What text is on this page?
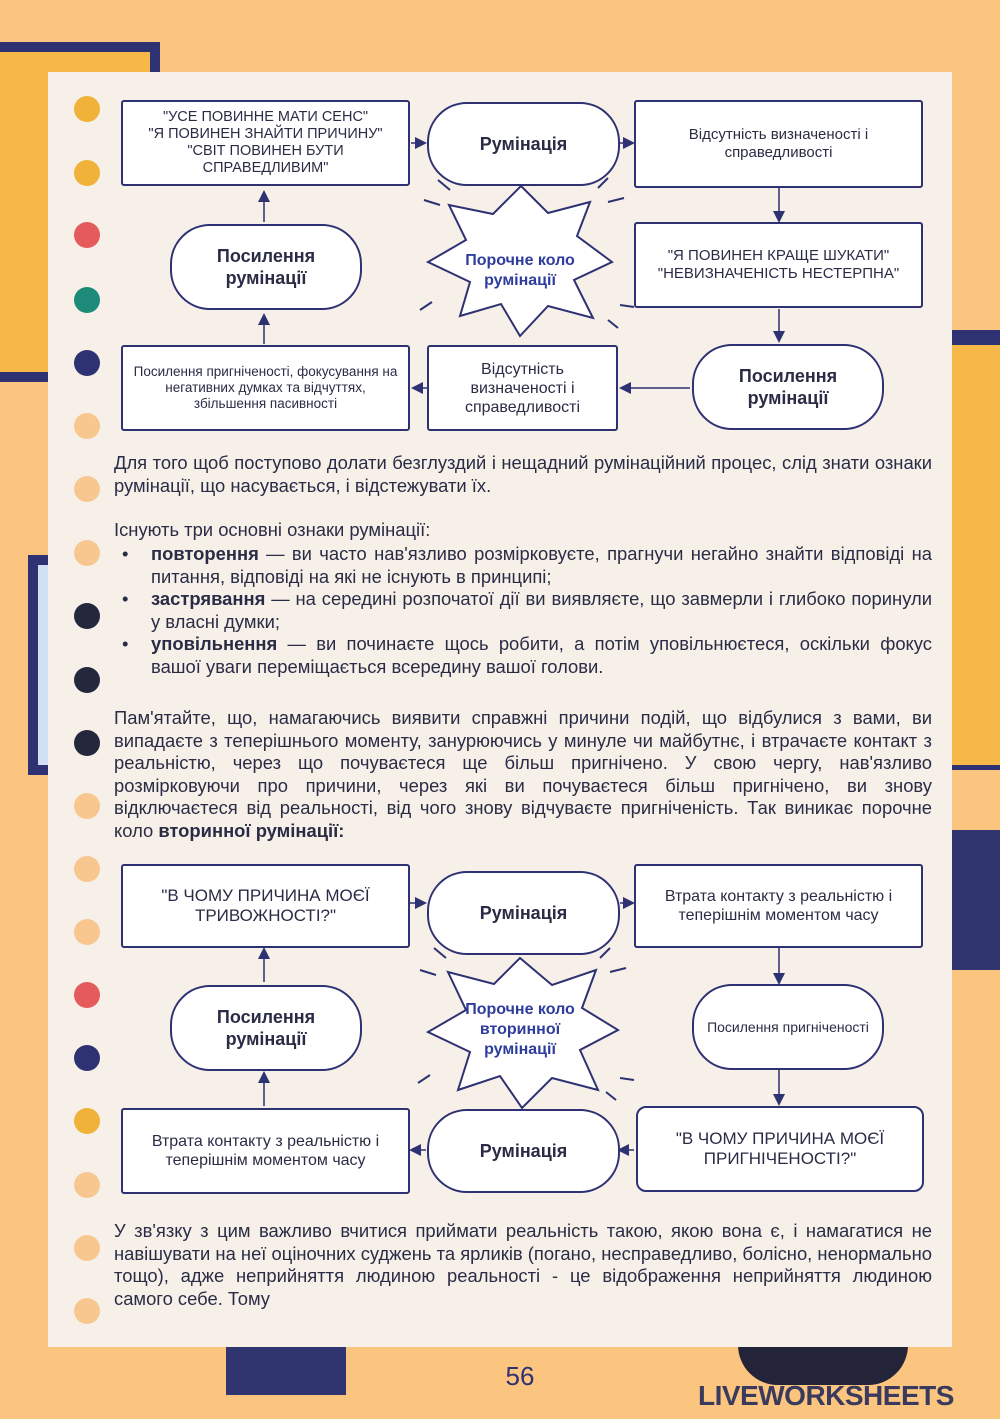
"УСЕ ПОВИННЕ МАТИ СЕНС"
"Я ПОВИНЕН ЗНАЙТИ ПРИЧИНУ"
"СВІТ ПОВИНЕН БУТИ СПРАВЕДЛИВИМ"
Румінація	Відсутність визначеності і справедливості
Посилення румінації
Порочне коло румінації
"Я ПОВИНЕН КРАЩЕ ШУКАТИ"
"НЕВИЗНАЧЕНІСТЬ НЕСТЕРПНА"
Посилення пригніченості, фокусування на негативних думках та відчуттях, збільшення пасивності
Відсутність визначеності і справедливості
Посилення румінації
Для того щоб поступово долати безглуздий і нещадний румінаційний процес, слід знати ознаки румінації, що насувається, і відстежувати їх.
Існують три основні ознаки румінації:
• повторення — ви часто нав'язливо розмірковуєте, прагнучи негайно знайти відповіді на питання, відповіді на які не існують в принципі;
• застрявання — на середині розпочатої дії ви виявляєте, що завмерли і глибоко поринули у власні думки;
• уповільнення — ви починаєте щось робити, а потім уповільнюєтеся, оскільки фокус вашої уваги переміщається всередину вашої голови.
Пам'ятайте, що, намагаючись виявити справжні причини подій, що відбулися з вами, ви випадаєте з теперішнього моменту, занурюючись у минуле чи майбутнє, і втрачаєте контакт з реальністю, через що почуваєтеся ще більш пригнічено. У свою чергу, нав'язливо розмірковуючи про причини, через які ви почуваєтеся більш пригнічено, ви знову відключаєтеся від реальності, від чого знову відчуваєте пригніченість. Так виникає порочне коло вторинної румінації:
"В ЧОМУ ПРИЧИНА МОЄЇ ТРИВОЖНОСТІ?"	Румінація
Втрата контакту з реальністю і теперішнім моментом часу
Посилення румінації
Порочне коло вторинної румінації
Посилення пригніченості
Втрата контакту з реальністю і теперішнім моментом часу	Румінація
"В ЧОМУ ПРИЧИНА МОЄЇ ПРИГНІЧЕНОСТІ?"
У зв'язку з цим важливо вчитися приймати реальність такою, якою вона є, і намагатися не навішувати на неї оціночних суджень та ярликів (погано, несправедливо, болісно, ненормально тощо), адже неприйняття людиною реальності - це відображення неприйняття людиною самого себе. Тому
56
LIVEWORKSHEETS
